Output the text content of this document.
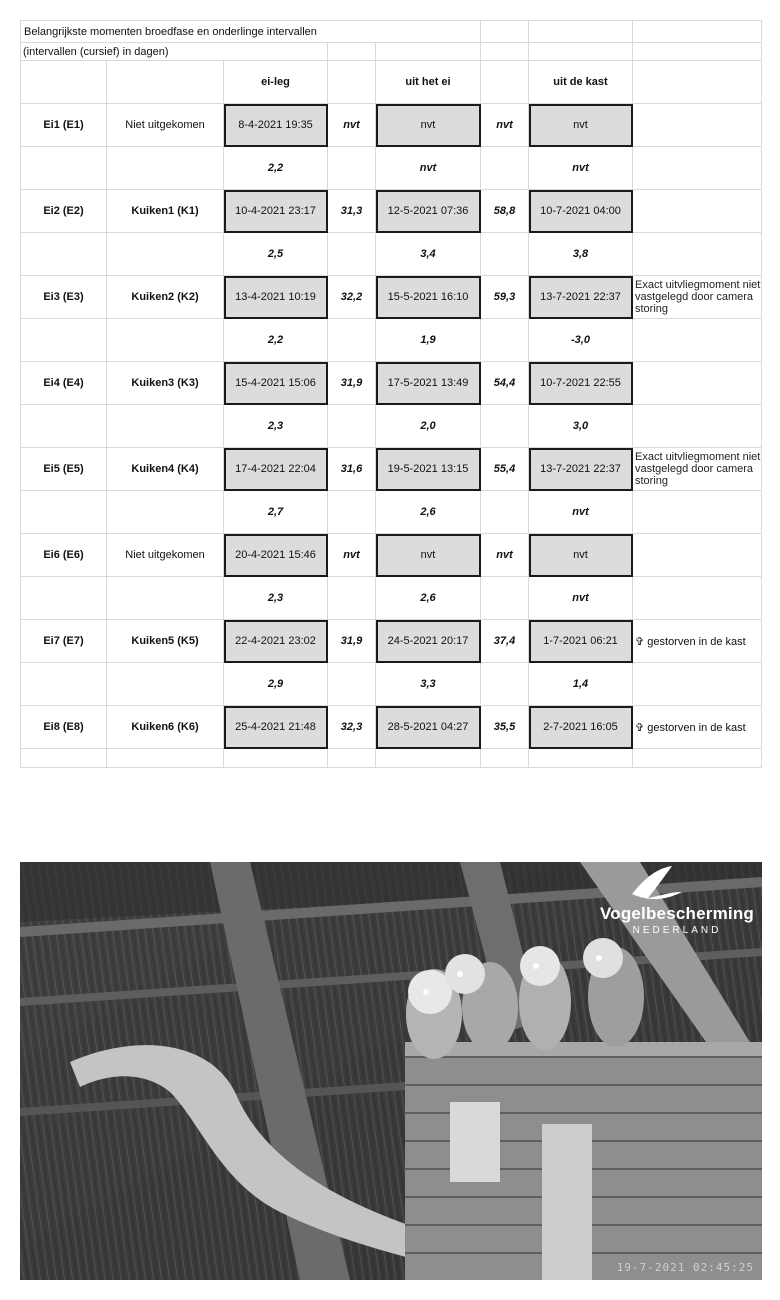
Belangrijkste momenten broedfase en onderlinge intervallen							
(intervallen (cursief) in dagen)							
		ei-leg		uit het ei		uit de kast	
Ei1 (E1)	Niet uitgekomen	8-4-2021 19:35	nvt	nvt	nvt	nvt	
		2,2		nvt		nvt	
Ei2 (E2)	Kuiken1 (K1)	10-4-2021 23:17	31,3	12-5-2021 07:36	58,8	10-7-2021 04:00	
		2,5		3,4		3,8	
Ei3 (E3)	Kuiken2 (K2)	13-4-2021 10:19	32,2	15-5-2021 16:10	59,3	13-7-2021 22:37	Exact uitvliegmoment niet vastgelegd door camera storing
		2,2		1,9		-3,0	
Ei4 (E4)	Kuiken3 (K3)	15-4-2021 15:06	31,9	17-5-2021 13:49	54,4	10-7-2021 22:55	
		2,3		2,0		3,0	
Ei5 (E5)	Kuiken4 (K4)	17-4-2021 22:04	31,6	19-5-2021 13:15	55,4	13-7-2021 22:37	Exact uitvliegmoment niet vastgelegd door camera storing
		2,7		2,6		nvt	
Ei6 (E6)	Niet uitgekomen	20-4-2021 15:46	nvt	nvt	nvt	nvt	
		2,3		2,6		nvt	
Ei7 (E7)	Kuiken5 (K5)	22-4-2021 23:02	31,9	24-5-2021 20:17	37,4	1-7-2021 06:21	✞ gestorven in de kast
		2,9		3,3		1,4	
Ei8 (E8)	Kuiken6 (K6)	25-4-2021 21:48	32,3	28-5-2021 04:27	35,5	2-7-2021 16:05	✞ gestorven in de kast

Vogelbescherming
NEDERLAND
19-7-2021 02:45:25
